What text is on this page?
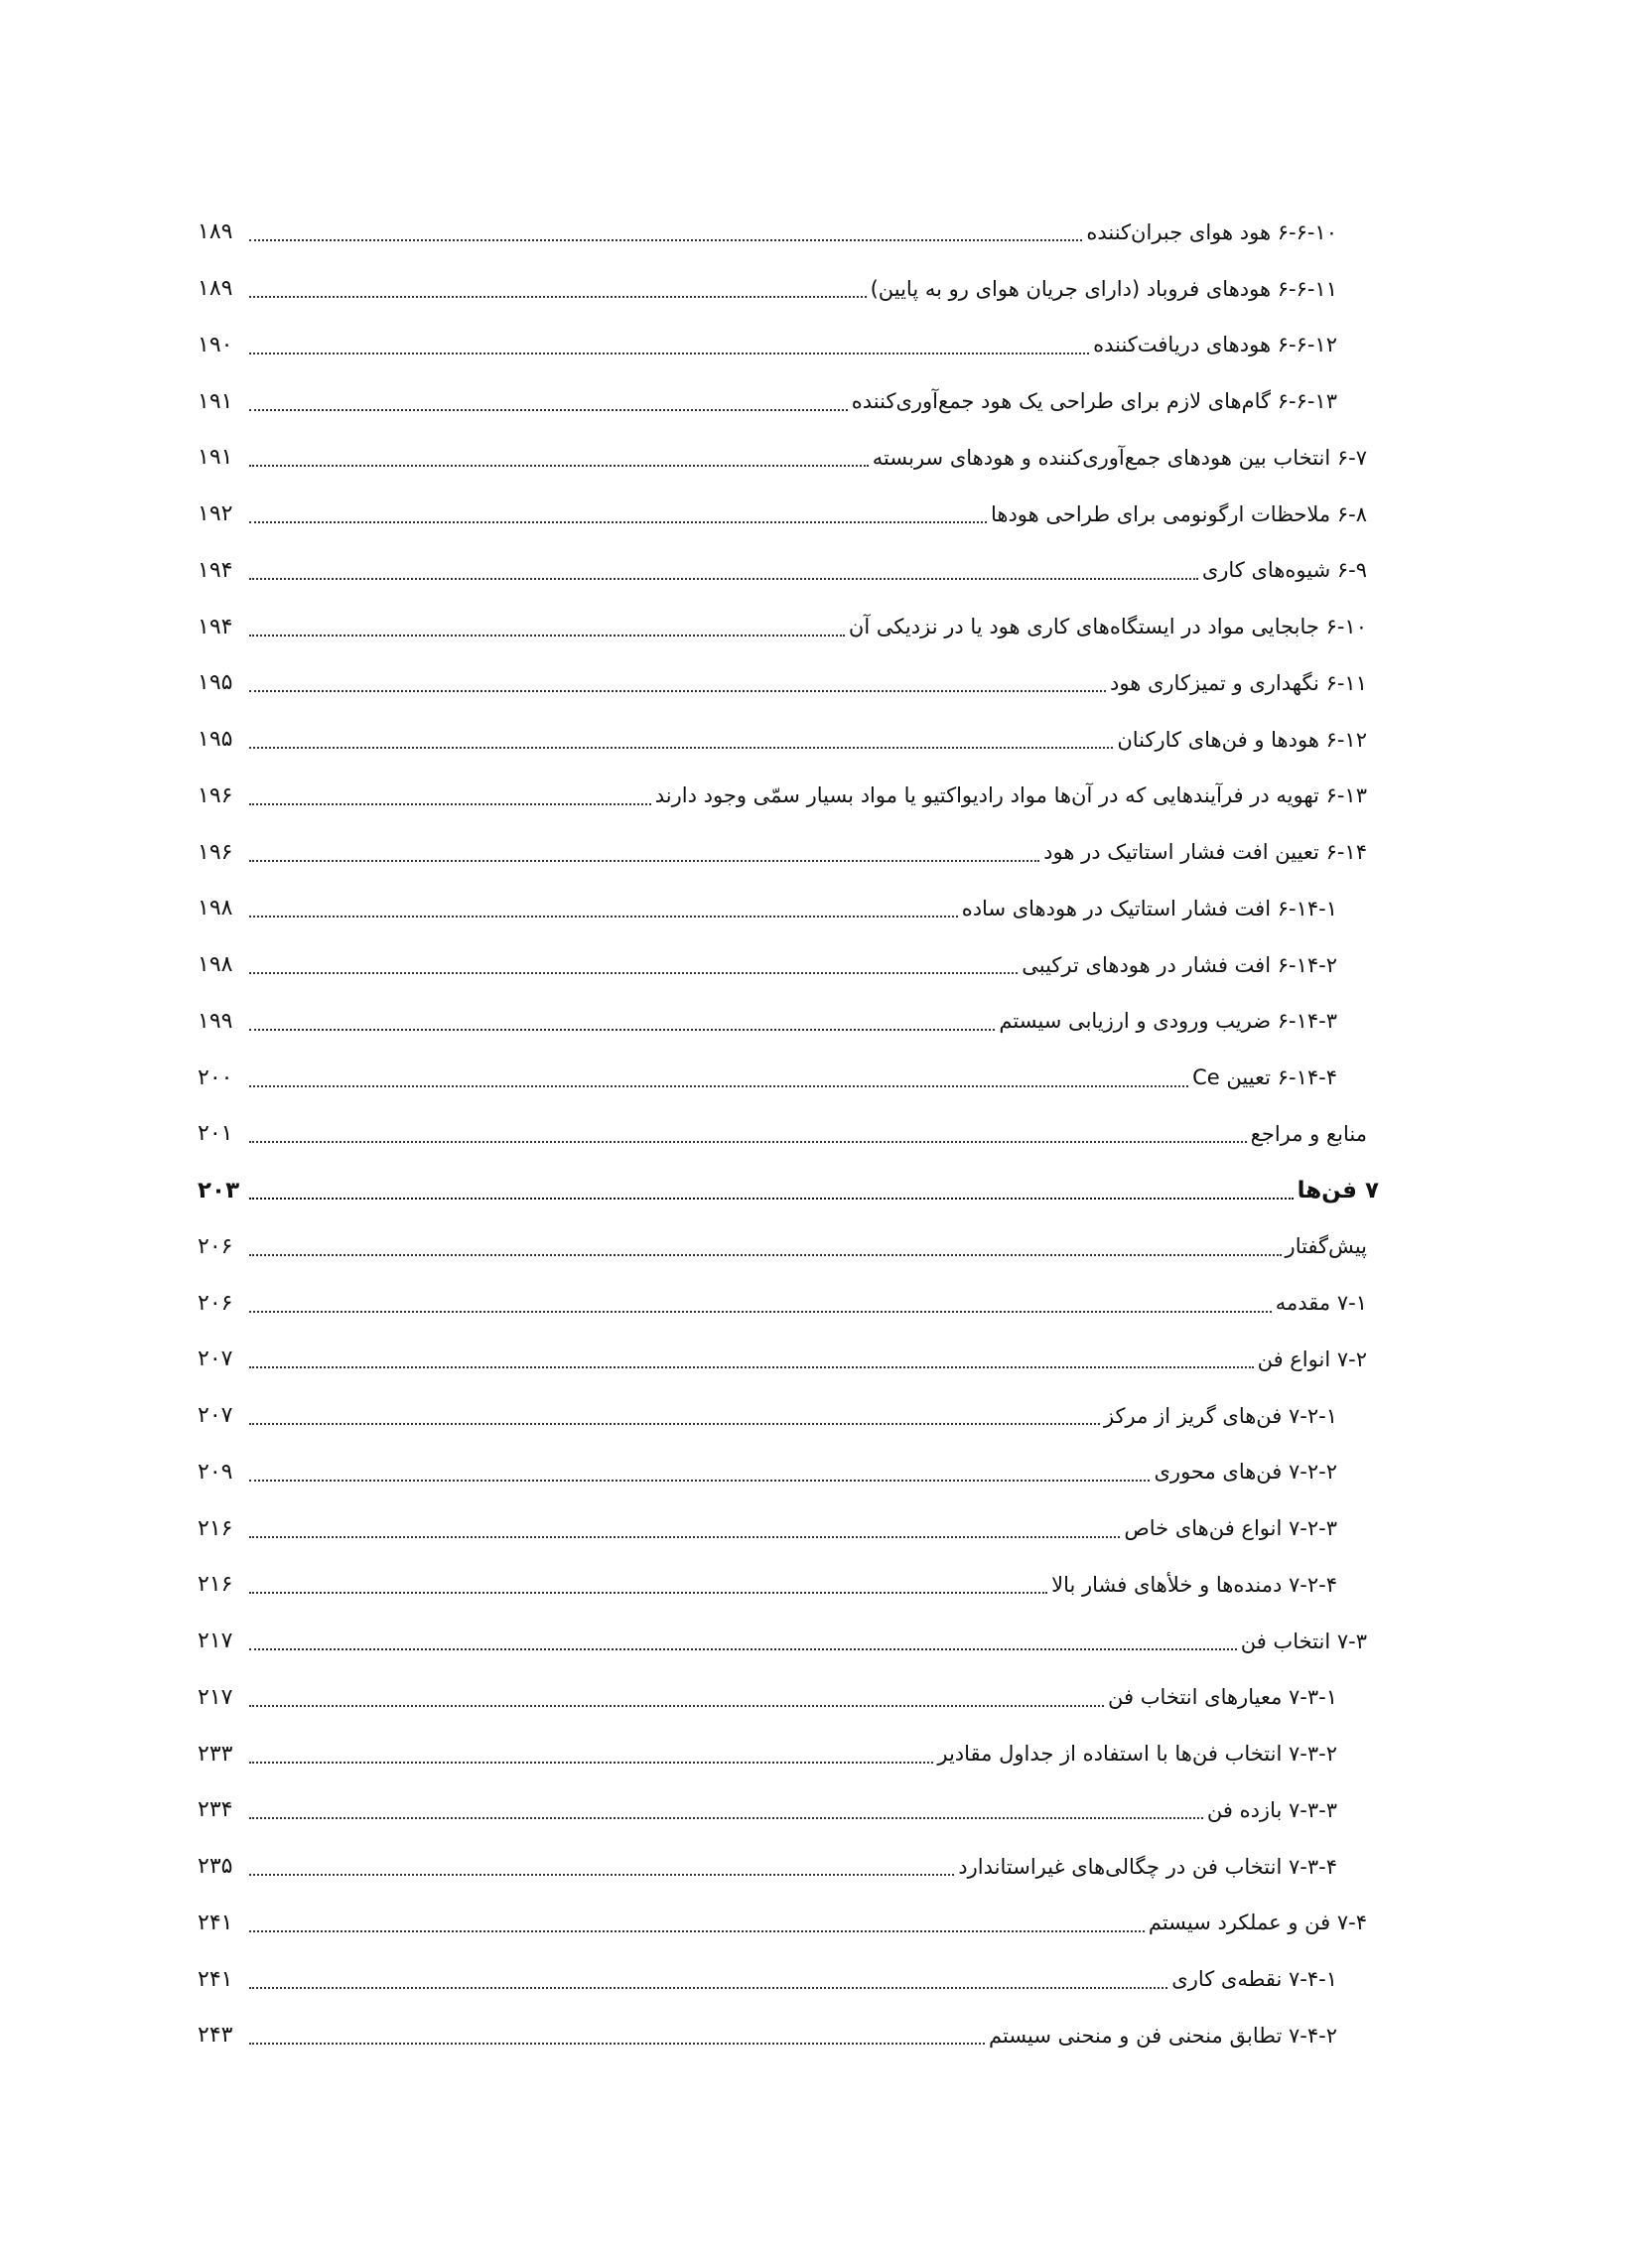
۶-۶-۱۰ هود هوای جبران‌کننده
۱۸۹
۶-۶-۱۱ هودهای فروباد (دارای جریان هوای رو به پایین)
۱۸۹
۶-۶-۱۲ هودهای دریافت‌کننده
۱۹۰
۶-۶-۱۳ گام‌های لازم برای طراحی یک هود جمع‌آوری‌کننده
۱۹۱
۶-۷ انتخاب بین هودهای جمع‌آوری‌کننده و هودهای سربسته
۱۹۱
۶-۸ ملاحظات ارگونومی برای طراحی هودها
۱۹۲
۶-۹ شیوه‌های کاری
۱۹۴
۶-۱۰ جابجایی مواد در ایستگاه‌های کاری هود یا در نزدیکی آن
۱۹۴
۶-۱۱ نگهداری و تمیزکاری هود
۱۹۵
۶-۱۲ هودها و فن‌های کارکنان
۱۹۵
۶-۱۳ تهویه در فرآیندهایی که در آن‌ها مواد رادیواکتیو یا مواد بسیار سمّی وجود دارند
۱۹۶
۶-۱۴ تعیین افت فشار استاتیک در هود
۱۹۶
۶-۱۴-۱ افت فشار استاتیک در هودهای ساده
۱۹۸
۶-۱۴-۲ افت فشار در هودهای ترکیبی
۱۹۸
۶-۱۴-۳ ضریب ورودی و ارزیابی سیستم
۱۹۹
۶-۱۴-۴ تعیین Ce
۲۰۰
منابع و مراجع
۲۰۱
۷ فن‌ها
۲۰۳
پیش‌گفتار
۲۰۶
۷-۱ مقدمه
۲۰۶
۷-۲ انواع فن
۲۰۷
۷-۲-۱ فن‌های گریز از مرکز
۲۰۷
۷-۲-۲ فن‌های محوری
۲۰۹
۷-۲-۳ انواع فن‌های خاص
۲۱۶
۷-۲-۴ دمنده‌ها و خلأهای فشار بالا
۲۱۶
۷-۳ انتخاب فن
۲۱۷
۷-۳-۱ معیارهای انتخاب فن
۲۱۷
۷-۳-۲ انتخاب فن‌ها با استفاده از جداول مقادیر
۲۳۳
۷-۳-۳ بازده فن
۲۳۴
۷-۳-۴ انتخاب فن در چگالی‌های غیراستاندارد
۲۳۵
۷-۴ فن و عملکرد سیستم
۲۴۱
۷-۴-۱ نقطه‌ی کاری
۲۴۱
۷-۴-۲ تطابق منحنی فن و منحنی سیستم
۲۴۳
